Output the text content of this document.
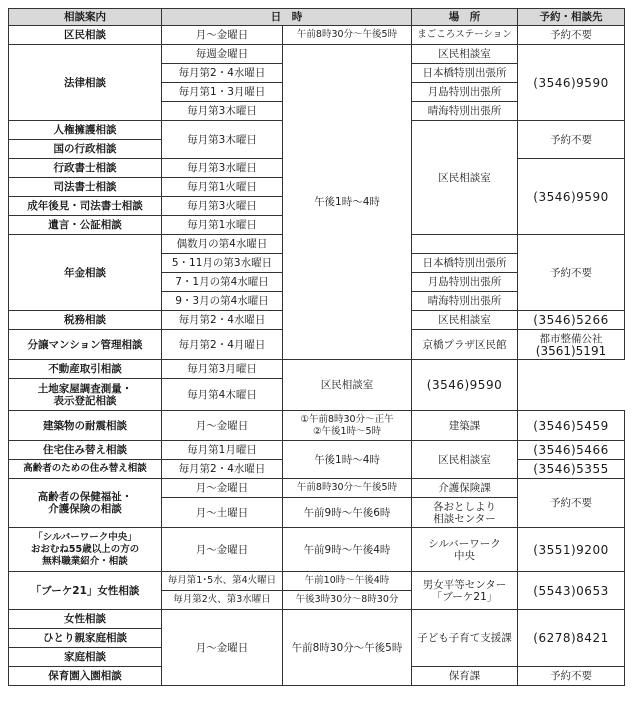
相談案内	日　時		場　所	予約・相談先
区民相談	月～金曜日	午前8時30分～午後5時	まごころステーション	予約不要
法律相談	毎週金曜日	午後1時～4時	区民相談室	(3546)9590
	毎月第2・4水曜日		日本橋特別出張所	
	毎月第1・3月曜日		月島特別出張所	
	毎月第3木曜日		晴海特別出張所	
人権擁護相談	毎月第3木曜日		区民相談室	予約不要
国の行政相談				
行政書士相談	毎月第3水曜日			(3546)9590
司法書士相談	毎月第1火曜日			
成年後見・司法書士相談	毎月第3火曜日			
遺言・公証相談	毎月第1水曜日			
年金相談	偶数月の第4水曜日			予約不要
	5・11月の第3水曜日		日本橋特別出張所	
	7・1月の第4水曜日		月島特別出張所	
	9・3月の第4水曜日		晴海特別出張所	
税務相談	毎月第2・4水曜日		区民相談室	(3546)5266
分譲マンション管理相談	毎月第2・4月曜日		京橋プラザ区民館	都市整備公社
(3561)5191

不動産取引相談	毎月第3月曜日	区民相談室	(3546)9590	

土地家屋調査測量・
表示登記相談	毎月第4木曜日			
建築物の耐震相談	月～金曜日	①午前8時30分～正午
②午後1時～5時	建築課	(3546)5459
住宅住み替え相談	毎月第1月曜日	午後1時～4時	区民相談室	(3546)5466
高齢者のための住み替え相談	毎月第2・4水曜日			(3546)5355

高齢者の保健福祉・
介護保険の相談	月～金曜日	午前8時30分～午後5時	介護保険課	予約不要
	月～土曜日	午前9時～午後6時	各おとしより
相談センター	

「シルバーワーク中央」
おおむね55歳以上の方の
無料職業紹介・相談	月～金曜日	午前9時～午後4時	シルバーワーク
中央	(3551)9200
「ブーケ21」女性相談	毎月第1･5水、第4火曜日	午前10時～午後4時	男女平等センター
「ブーケ21」	(5543)0653
	毎月第2火、第3水曜日	午後3時30分～8時30分		
女性相談	月～金曜日	午前8時30分～午後5時	子ども子育て支援課	(6278)8421
ひとり親家庭相談				
家庭相談				
保育園入園相談			保育課	予約不要
